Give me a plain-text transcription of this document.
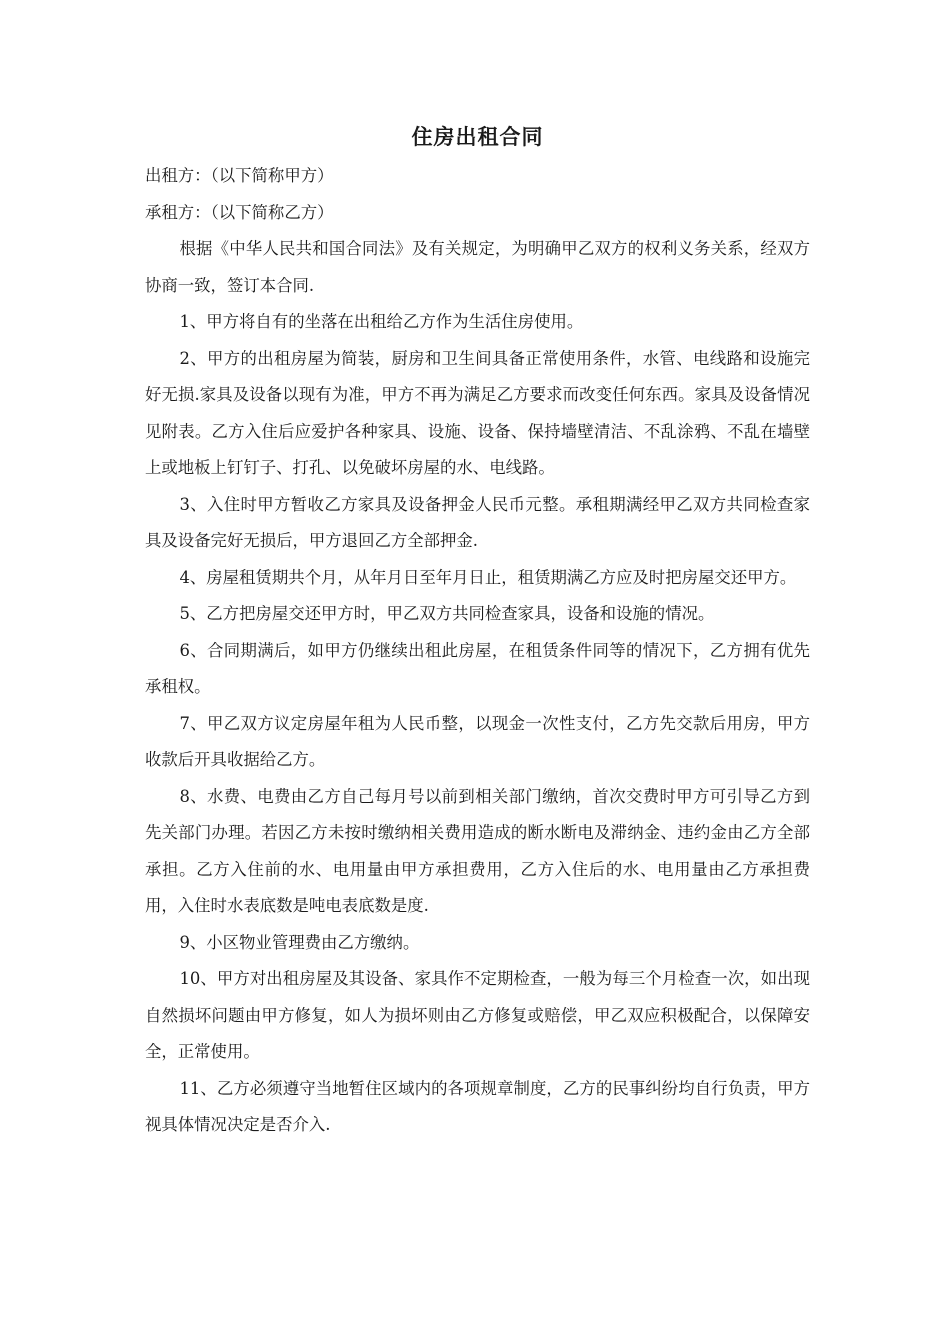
住房出租合同

出租方：（以下简称甲方）

承租方：（以下简称乙方）

根据《中华人民共和国合同法》及有关规定，为明确甲乙双方的权利义务关系，经双方协商一致，签订本合同.

1、甲方将自有的坐落在出租给乙方作为生活住房使用。

2、甲方的出租房屋为简装，厨房和卫生间具备正常使用条件，水管、电线路和设施完好无损.家具及设备以现有为准，甲方不再为满足乙方要求而改变任何东西。家具及设备情况见附表。乙方入住后应爱护各种家具、设施、设备、保持墙壁清洁、不乱涂鸦、不乱在墙壁上或地板上钉钉子、打孔、以免破坏房屋的水、电线路。

3、入住时甲方暂收乙方家具及设备押金人民币元整。承租期满经甲乙双方共同检查家具及设备完好无损后，甲方退回乙方全部押金.

4、房屋租赁期共个月，从年月日至年月日止，租赁期满乙方应及时把房屋交还甲方。

5、乙方把房屋交还甲方时，甲乙双方共同检查家具，设备和设施的情况。

6、合同期满后，如甲方仍继续出租此房屋，在租赁条件同等的情况下，乙方拥有优先承租权。

7、甲乙双方议定房屋年租为人民币整，以现金一次性支付，乙方先交款后用房，甲方收款后开具收据给乙方。

8、水费、电费由乙方自己每月号以前到相关部门缴纳，首次交费时甲方可引导乙方到先关部门办理。若因乙方未按时缴纳相关费用造成的断水断电及滞纳金、违约金由乙方全部承担。乙方入住前的水、电用量由甲方承担费用，乙方入住后的水、电用量由乙方承担费用，入住时水表底数是吨电表底数是度.

9、小区物业管理费由乙方缴纳。

10、甲方对出租房屋及其设备、家具作不定期检查，一般为每三个月检查一次，如出现自然损坏问题由甲方修复，如人为损坏则由乙方修复或赔偿，甲乙双应积极配合，以保障安全，正常使用。

11、乙方必须遵守当地暂住区域内的各项规章制度，乙方的民事纠纷均自行负责，甲方视具体情况决定是否介入.
